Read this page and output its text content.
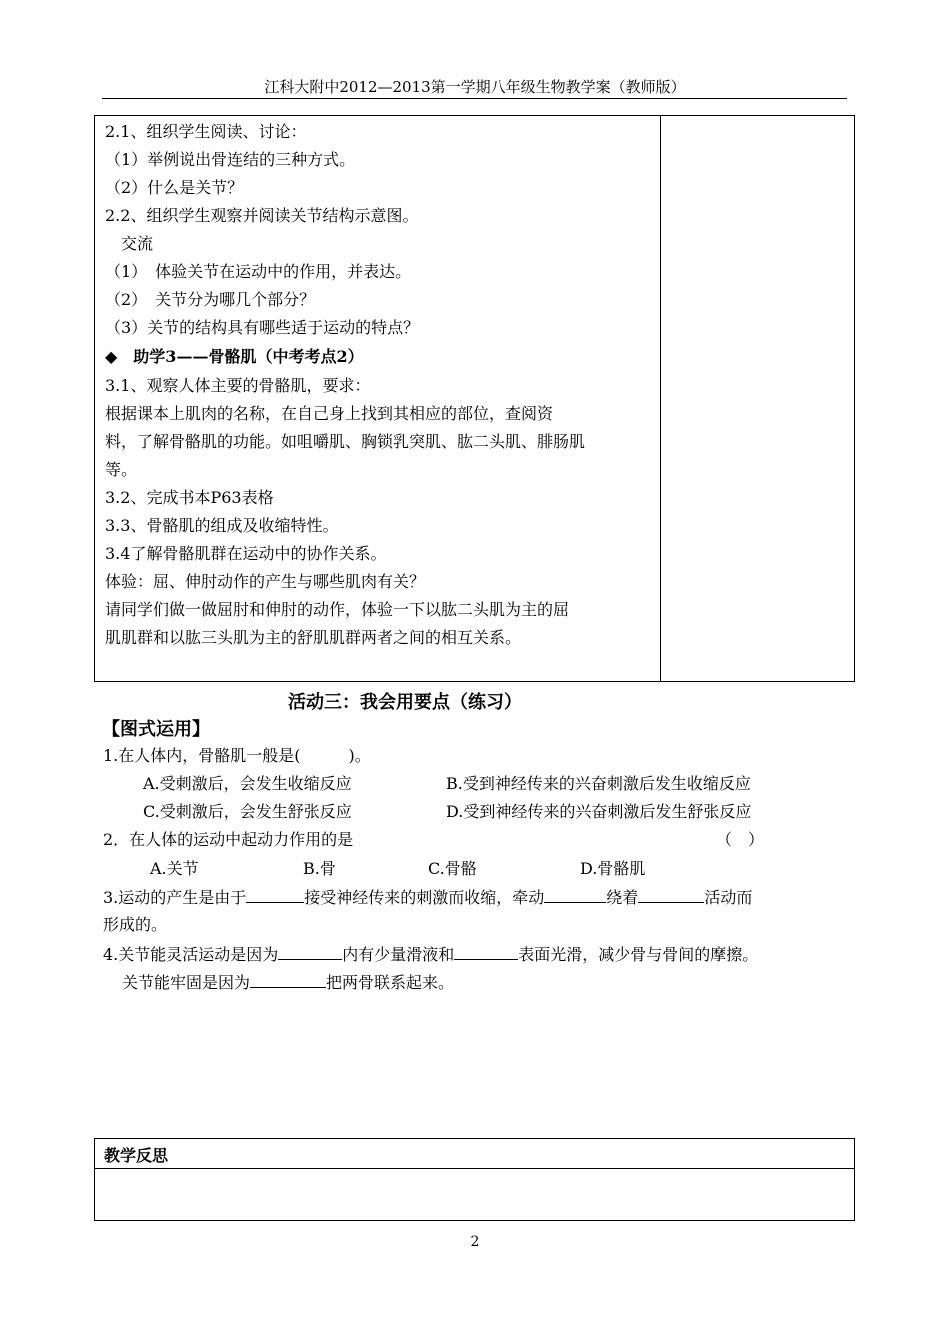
江科大附中2012—2013第一学期八年级生物教学案（教师版）
2.1、组织学生阅读、讨论：
（1）举例说出骨连结的三种方式。
（2）什么是关节？
2.2、组织学生观察并阅读关节结构示意图。
　交流
（1）　体验关节在运动中的作用，并表达。
（2）　关节分为哪几个部分？
（3）关节的结构具有哪些适于运动的特点？
◆　助学3——骨骼肌（中考考点2）
3.1、观察人体主要的骨骼肌，要求：
根据课本上肌肉的名称，在自己身上找到其相应的部位，查阅资
料，了解骨骼肌的功能。如咀嚼肌、胸锁乳突肌、肱二头肌、腓肠肌
等。
3.2、完成书本P63表格
3.3、骨骼肌的组成及收缩特性。
3.4了解骨骼肌群在运动中的协作关系。
体验：屈、伸肘动作的产生与哪些肌肉有关？
请同学们做一做屈肘和伸肘的动作，体验一下以肱二头肌为主的屈
肌肌群和以肱三头肌为主的舒肌肌群两者之间的相互关系。
活动三：我会用要点（练习）
【图式运用】
1.在人体内，骨骼肌一般是(　　　)。
A.受刺激后，会发生收缩反应	B.受到神经传来的兴奋刺激后发生收缩反应
C.受刺激后，会发生舒张反应	D.受到神经传来的兴奋刺激后发生舒张反应
2．在人体的运动中起动力作用的是	（　）
A.关节	B.骨	C.骨骼	D.骨骼肌
3.运动的产生是由于	接受神经传来的刺激而收缩，牵动	绕着	活动而
形成的。
4.关节能灵活运动是因为	内有少量滑液和	表面光滑，减少骨与骨间的摩擦。
关节能牢固是因为	把两骨联系起来。
教学反思
2
